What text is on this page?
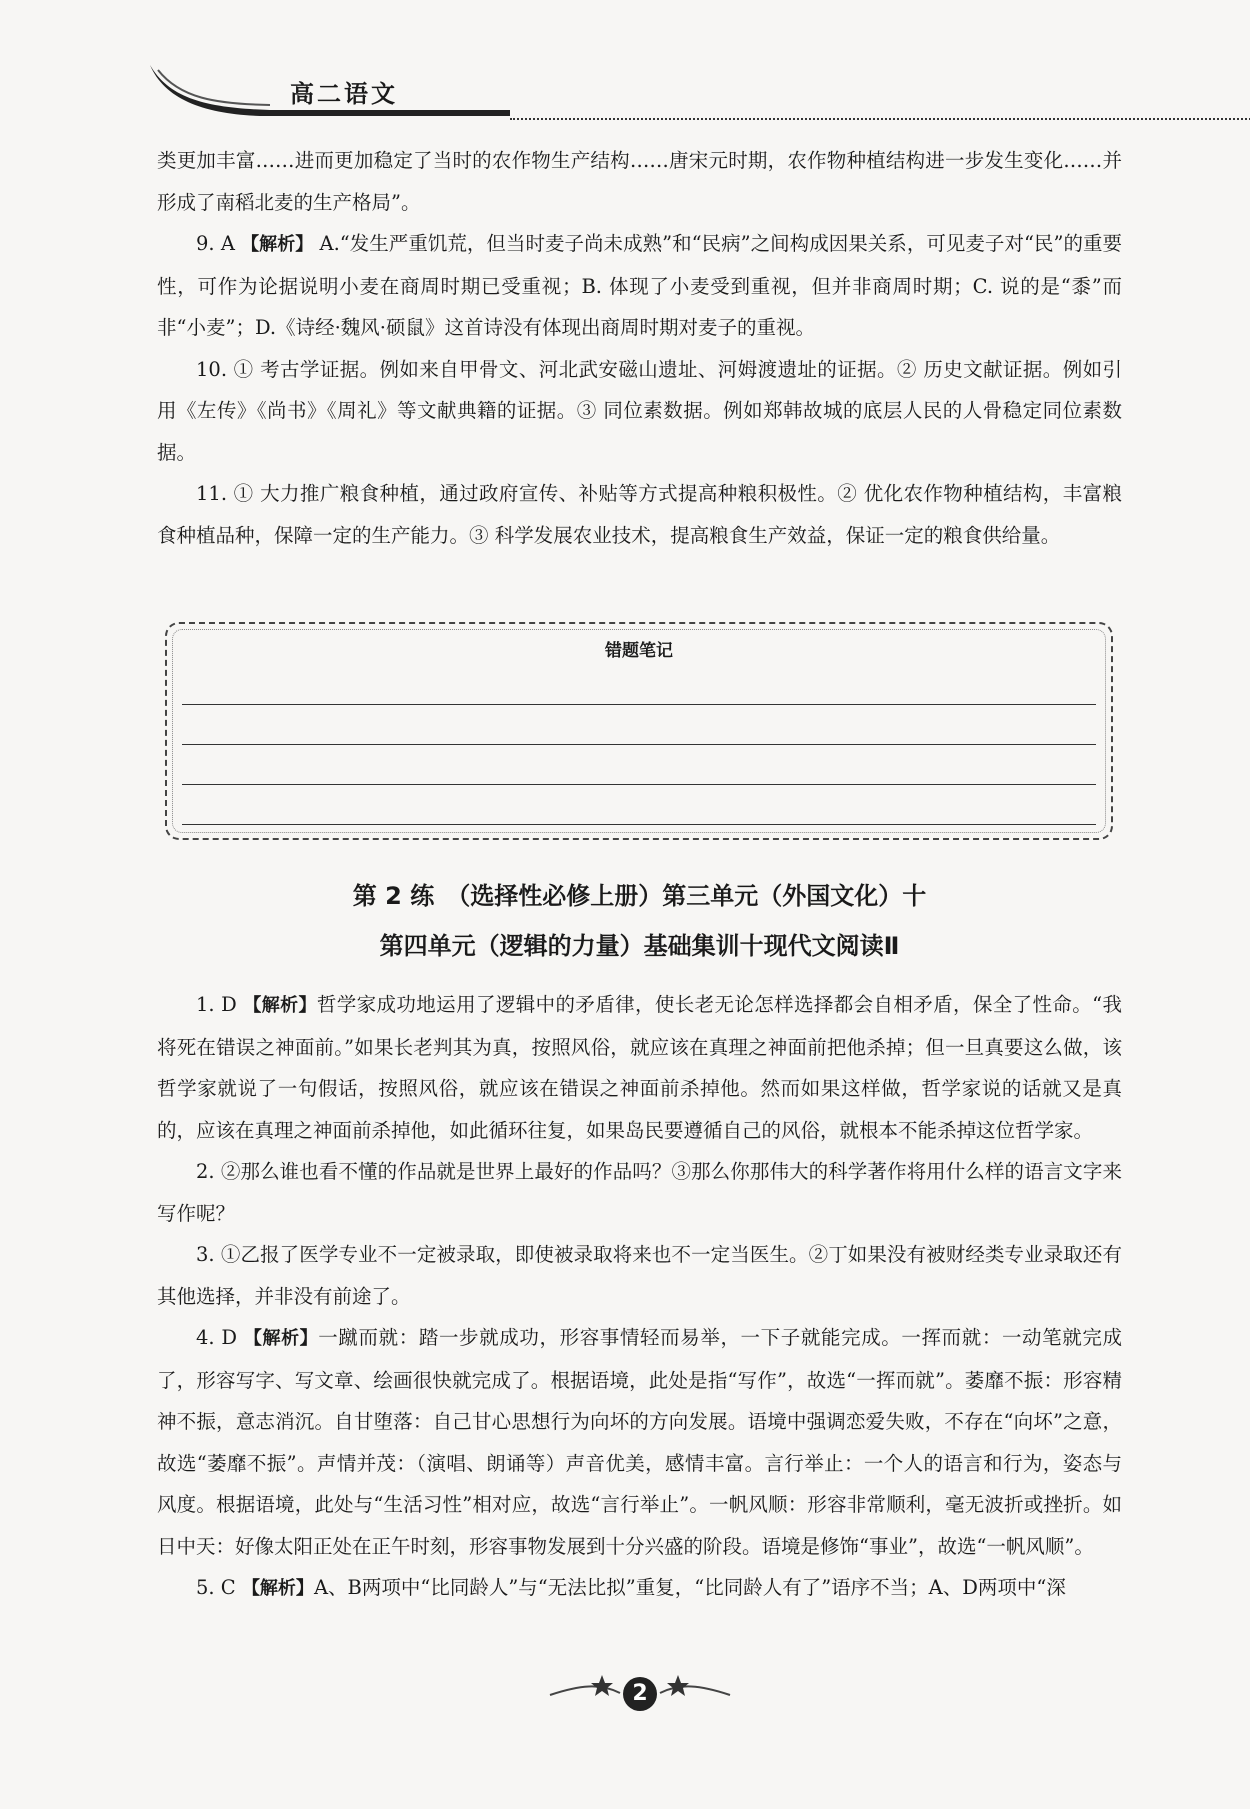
高二语文

类更加丰富……进而更加稳定了当时的农作物生产结构……唐宋元时期，农作物种植结构进一步发生变化……并形成了南稻北麦的生产格局”。

9. A 【解析】 A.“发生严重饥荒，但当时麦子尚未成熟”和“民病”之间构成因果关系，可见麦子对“民”的重要性，可作为论据说明小麦在商周时期已受重视；B. 体现了小麦受到重视，但并非商周时期；C. 说的是“黍”而非“小麦”；D.《诗经·魏风·硕鼠》这首诗没有体现出商周时期对麦子的重视。

10. ① 考古学证据。例如来自甲骨文、河北武安磁山遗址、河姆渡遗址的证据。② 历史文献证据。例如引用《左传》《尚书》《周礼》等文献典籍的证据。③ 同位素数据。例如郑韩故城的底层人民的人骨稳定同位素数据。

11. ① 大力推广粮食种植，通过政府宣传、补贴等方式提高种粮积极性。② 优化农作物种植结构，丰富粮食种植品种，保障一定的生产能力。③ 科学发展农业技术，提高粮食生产效益，保证一定的粮食供给量。

错题笔记
第 2 练　（选择性必修上册）第三单元（外国文化）十
第四单元（逻辑的力量）基础集训十现代文阅读Ⅱ

1. D 【解析】哲学家成功地运用了逻辑中的矛盾律，使长老无论怎样选择都会自相矛盾，保全了性命。“我将死在错误之神面前。”如果长老判其为真，按照风俗，就应该在真理之神面前把他杀掉；但一旦真要这么做，该哲学家就说了一句假话，按照风俗，就应该在错误之神面前杀掉他。然而如果这样做，哲学家说的话就又是真的，应该在真理之神面前杀掉他，如此循环往复，如果岛民要遵循自己的风俗，就根本不能杀掉这位哲学家。

2. ②那么谁也看不懂的作品就是世界上最好的作品吗？③那么你那伟大的科学著作将用什么样的语言文字来写作呢？

3. ①乙报了医学专业不一定被录取，即使被录取将来也不一定当医生。②丁如果没有被财经类专业录取还有其他选择，并非没有前途了。

4. D 【解析】一蹴而就：踏一步就成功，形容事情轻而易举，一下子就能完成。一挥而就：一动笔就完成了，形容写字、写文章、绘画很快就完成了。根据语境，此处是指“写作”，故选“一挥而就”。萎靡不振：形容精神不振，意志消沉。自甘堕落：自己甘心思想行为向坏的方向发展。语境中强调恋爱失败，不存在“向坏”之意，故选“萎靡不振”。声情并茂：（演唱、朗诵等）声音优美，感情丰富。言行举止：一个人的语言和行为，姿态与风度。根据语境，此处与“生活习性”相对应，故选“言行举止”。一帆风顺：形容非常顺利，毫无波折或挫折。如日中天：好像太阳正处在正午时刻，形容事物发展到十分兴盛的阶段。语境是修饰“事业”，故选“一帆风顺”。

5. C 【解析】A、B两项中“比同龄人”与“无法比拟”重复，“比同龄人有了”语序不当；A、D两项中“深

2
